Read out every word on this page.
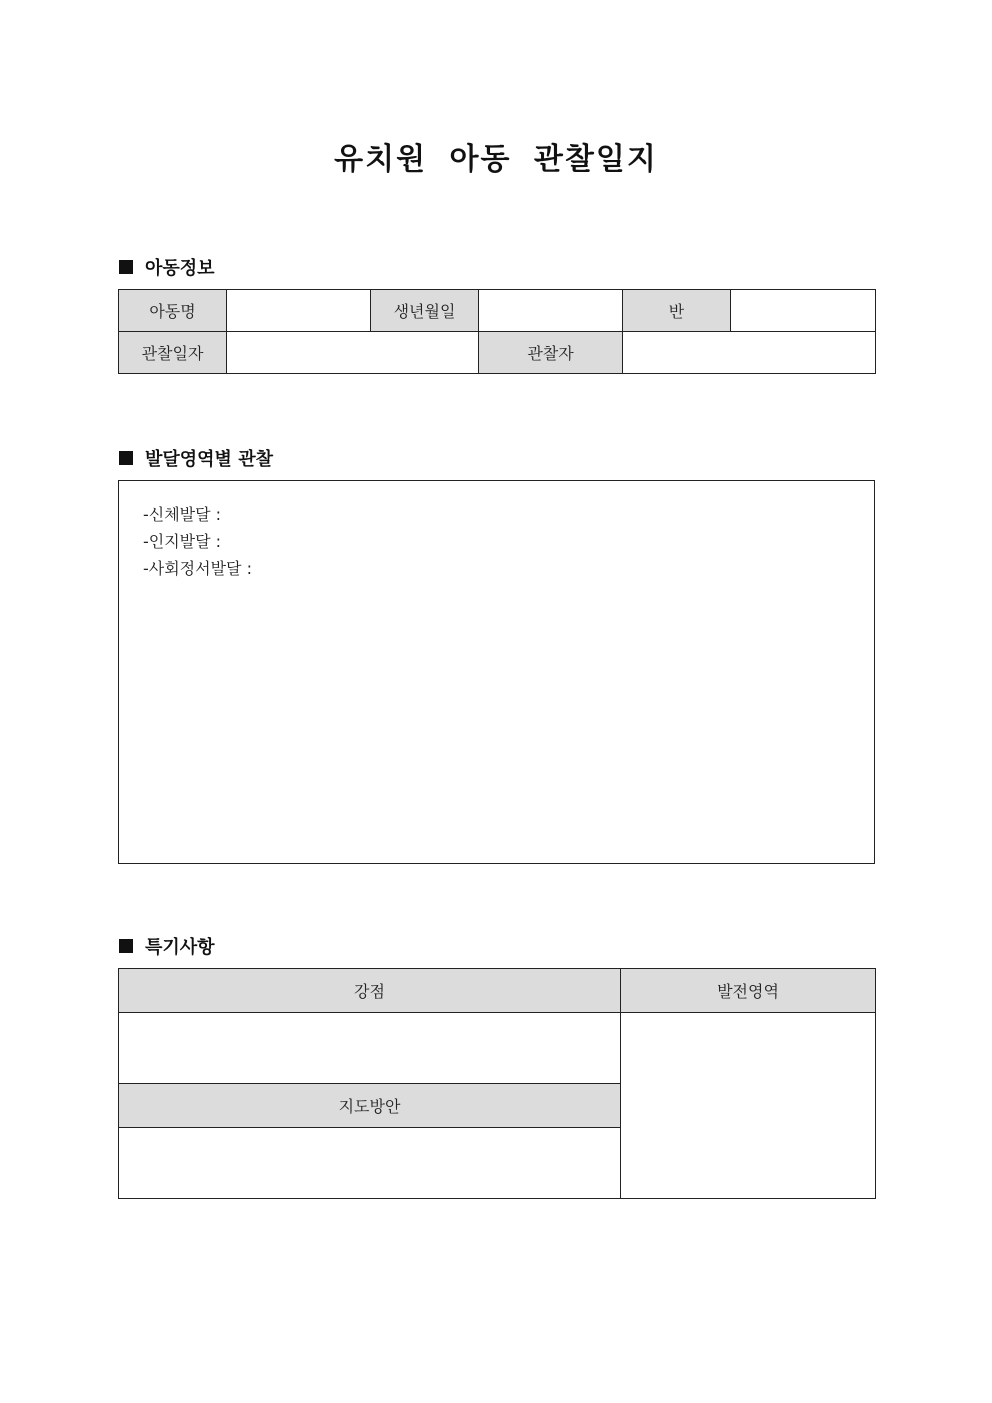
유치원 아동 관찰일지
아동정보
아동명		생년월일		반	
관찰일자			관찰자		
발달영역별 관찰
-신체발달 :
-인지발달 :
-사회정서발달 :
특기사항
강점	발전영역

지도방안	
